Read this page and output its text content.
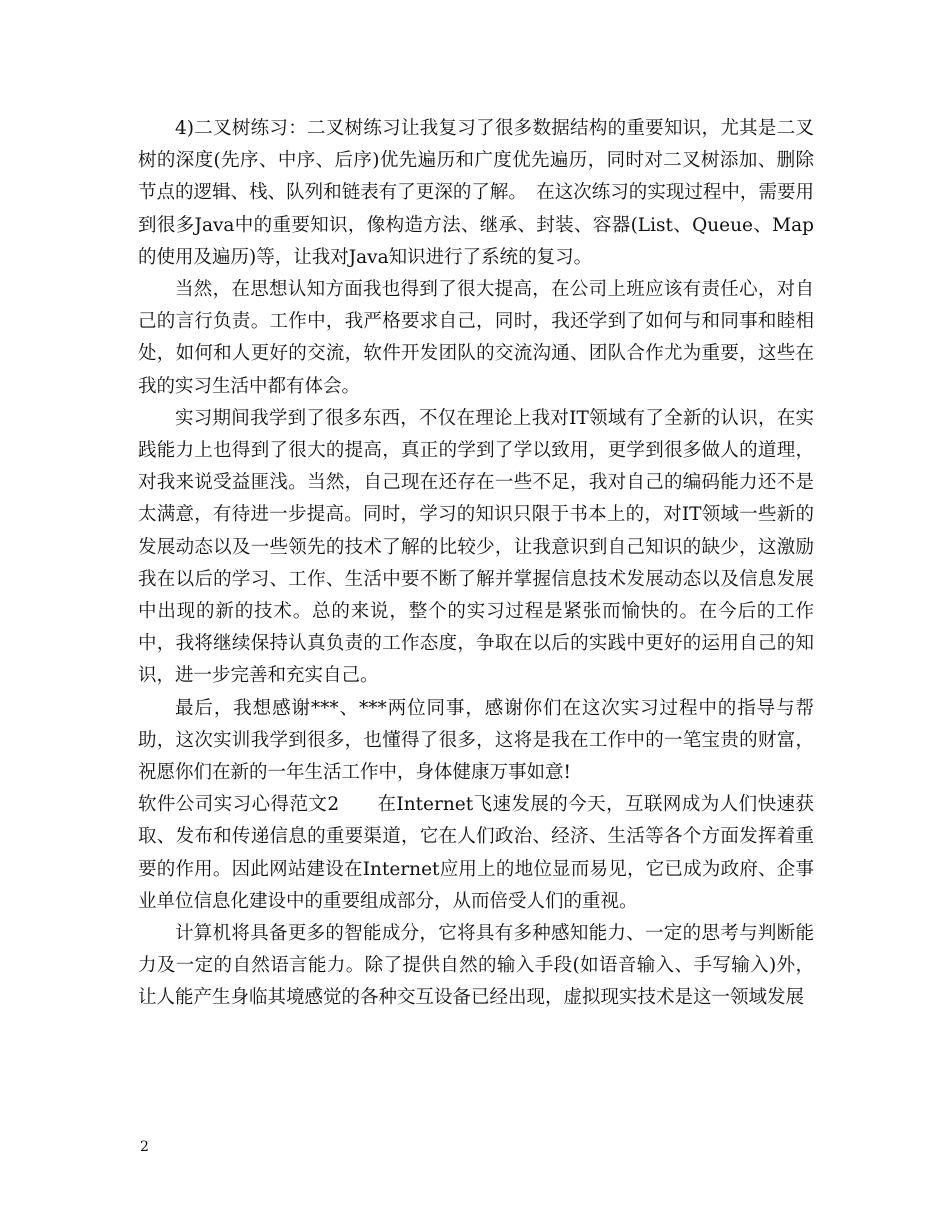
4)二叉树练习：二叉树练习让我复习了很多数据结构的重要知识，尤其是二叉树的深度(先序、中序、后序)优先遍历和广度优先遍历，同时对二叉树添加、删除节点的逻辑、栈、队列和链表有了更深的了解。　在这次练习的实现过程中，需要用到很多Java中的重要知识，像构造方法、继承、封装、容器(List、Queue、Map的使用及遍历)等，让我对Java知识进行了系统的复习。

当然，在思想认知方面我也得到了很大提高，在公司上班应该有责任心，对自己的言行负责。工作中，我严格要求自己，同时，我还学到了如何与和同事和睦相处，如何和人更好的交流，软件开发团队的交流沟通、团队合作尤为重要，这些在我的实习生活中都有体会。

实习期间我学到了很多东西，不仅在理论上我对IT领域有了全新的认识，在实践能力上也得到了很大的提高，真正的学到了学以致用，更学到很多做人的道理，对我来说受益匪浅。当然，自己现在还存在一些不足，我对自己的编码能力还不是太满意，有待进一步提高。同时，学习的知识只限于书本上的，对IT领域一些新的发展动态以及一些领先的技术了解的比较少，让我意识到自己知识的缺少，这激励我在以后的学习、工作、生活中要不断了解并掌握信息技术发展动态以及信息发展中出现的新的技术。总的来说，整个的实习过程是紧张而愉快的。在今后的工作中，我将继续保持认真负责的工作态度，争取在以后的实践中更好的运用自己的知识，进一步完善和充实自己。

最后，我想感谢***、***两位同事，感谢你们在这次实习过程中的指导与帮助，这次实训我学到很多，也懂得了很多，这将是我在工作中的一笔宝贵的财富，祝愿你们在新的一年生活工作中，身体健康万事如意!

软件公司实习心得范文2　　在Internet飞速发展的今天，互联网成为人们快速获取、发布和传递信息的重要渠道，它在人们政治、经济、生活等各个方面发挥着重要的作用。因此网站建设在Internet应用上的地位显而易见，它已成为政府、企事业单位信息化建设中的重要组成部分，从而倍受人们的重视。

计算机将具备更多的智能成分，它将具有多种感知能力、一定的思考与判断能力及一定的自然语言能力。除了提供自然的输入手段(如语音输入、手写输入)外，让人能产生身临其境感觉的各种交互设备已经出现，虚拟现实技术是这一领域发展

2
